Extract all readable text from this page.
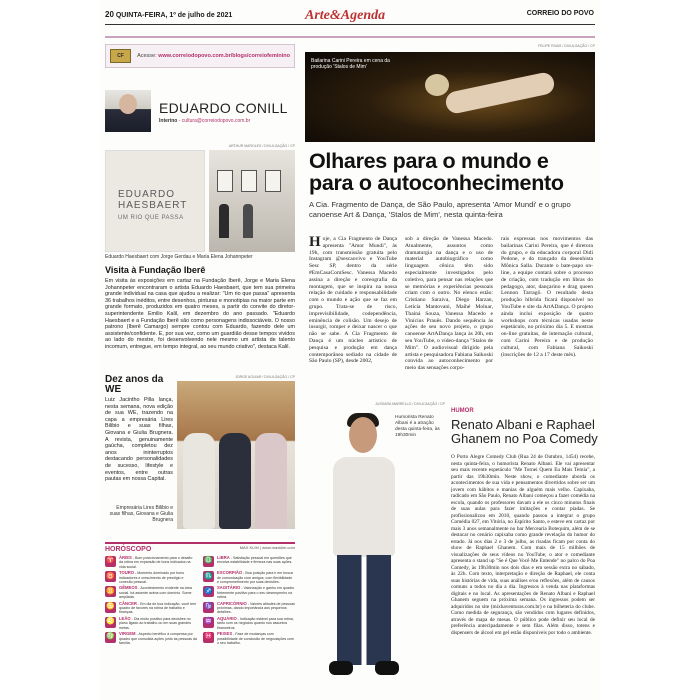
20 QUINTA-FEIRA, 1º de julho de 2021	Arte&Agenda	CORREIO DO POVO
CF	Acesse:
www.correiodopovo.com.br/blogs/correiofeminino
EDUARDO CONILL
Interino - cultura@correiodopovo.com.br
ARTHUR MAROLES / DIVULGAÇÃO / CP
EDUARDO
HAESBAERT
UM RIO QUE PASSA
Eduardo Haesbaert com Jorge Gerdau e Maria Elena Johannpeter
Visita à Fundação Iberê
Em visita às exposições em cartaz na Fundação Iberê, Jorge e Maria Elena Johannpeter encontraram o artista Eduardo Haesbaert, que tem sua primeira grande individual na casa que ajudou a realizar: "Um rio que passa" apresenta 36 trabalhos inéditos, entre desenhos, pinturas e monotipias na maior parte em grande formato, produzidos em quatro meses, a partir do convite do diretor-superintendente Emilio Kalil, em dezembro do ano passado. "Eduardo Haesbaert e a Fundação Iberê são como personagens indissociáveis. O nosso patrono (Iberê Camargo) sempre contou com Eduardo, fazendo dele um assistente/confidente. E, por sua vez, como um guardião desse tempos vividos ao lado do mestre, foi desenvolvendo nele mesmo um artista de talento incomum, entregue, em tempo integral, ao seu mundo criativo", destaca Kalil.
Dez anos da WE
Luiz Jacintho Pilla lança, nesta semana, nova edição de sua WE, trazendo na capa a empresária Lires Bilibio e suas filhas, Giovana e Giulia Brugnera. A revista, genuinamente gaúcha, completou dez anos ininterruptos destacando personalidades de sucesso, lifestyle e eventos, entre outras pautas em nossa Capital.
JORGE AGUIAR / DIVULGAÇÃO / CP
Empresária Lires Bilibio e suas filhas, Giovana e Giulia Brugnera
HORÓSCOPO	MAX KLIM | www.maxklim.com
♈ ÁRIES - Bom posicionamento para o desafio da rotina em expansão de bons indicados na vida social.
♎ LIBRA - Satisfação pessoal em questões que envolva estabilidade e firmeza nas suas ações.
♉ TOURO - Momento dominado por bons indicadores e crescimento de prestígio e conexão pessoal.
♏ ESCORPIÃO - Boa posição para ir em busca de comunicação com amigos, com flexibilidade e comprometimento por suas decisões.
♊ GÊMEOS - Acontecimento evidente na área social. Irá assente acima com domínio. Some ampliada.
♐ SAGITÁRIO - Valorização e ganho em quadro fortemente positivo para o seu desempenho na rotina.
♋ CÂNCER - Em dia de boa indicação, você tem quadro de favores na rotina de trabalho e finanças.
♑ CAPRICÓRNIO - Valores atitudes de pessoas próximas, dando importância aos pequenos detalhes.
♌ LEÃO - Dia muito positivo para decisões no plano ligado ao trabalho ou em suas grandes metas.
♒ AQUÁRIO - Indicação estável para sua rotina, tanto com os negócios quanto nos assuntos financeiros.
♍ VIRGEM - Aspecto benéfico à compensa por quadro que consolida ações junto às pessoas da família.
♓ PEIXES - Fase de mudanças com possibilidade de conclusão de negociações com o seu trabalho.
FELIPE RIVAS / DIVULGAÇÃO / CP
Bailarina Carini Pereira em cena da produção 'Stalos de Mim'
Olhares para o mundo e para o autoconhecimento
A Cia. Fragmento de Dança, de São Paulo, apresenta 'Amor Mundi' e o grupo canoense Art & Dança, 'Stalos de Mim', nesta quinta-feira
Hoje, a Cia Fragmento de Dança apresenta "Amor Mundi", às 19h, com transmissão gratuita pelo Instagram @sescaovivo e YouTube Sesc SP, dentro da série #EmCasaComSesc. Vanessa Macedo assina a direção e coreografia da montagem, que se inspira na nossa relação de cuidado e responsabilidade com o mundo e ação que se faz em grupo. Trata-se de risco, imprevisibilidade, codependência, eminência de colisão. Um desejo de insurgir, romper e deixar nascer o que não se sabe. A Cia Fragmento de Dança é um núcleo artístico de pesquisa e produção em dança contemporânea sediado na cidade de São Paulo (SP), desde 2002,
sob a direção de Vanessa Macedo. Atualmente, assuntos como dramaturgia na dança e o uso de material autobiográfico como linguagem cênica têm sido especialmente investigados pelo coletivo, para pensar nas relações que se memórias e experiências pessoais criam com o outro. No elenco estão: Cristiano Saraiva, Diego Harzan, Letícia Mantovani, Maíhé Molnar, Thainá Souza, Vanessa Macedo e Vinícius Prauês. Dando sequência às ações de seu novo projeto, o grupo canoense ArtADança lança às 20h, em seu YouTube, o vídeo-dança "Stalos de Mim". O audiovisual dirigido pela artista e pesquisadora Fabiana Saikoski convida ao autoconhecimento por meio das sensações corpo-
rais expressas nos movimentos das bailarinas Carini Pereira, que é diretora do grupo, e da educadora corporal Didi Pedone, e do trançado da desenhista Mônica Salla. Durante o bate-papo on-line, a equipe contará sobre o processo de criação, com tradução em libras do pedagogo, ator, dançarino e drag queen Lennon Tarragô. O resultado desta produção híbrida ficará disponível no YouTube e site da ArtADança. O projeto ainda inclui exposição de quatro workshops com técnicas usadas neste espetáculo, no próximo dia 5. E mostras on-line gratuitas, de internação cultural, com Carini Pereira e de produção cultural, com Fabiana Saikoski (inscrições de 12 a 17 deste mês).
JUSSARA MARRELLO / DIVULGAÇÃO / CP
Humorista Renato Albani é a atração desta quinta-feira, às 19h30min
HUMOR
Renato Albani e Raphael Ghanem no Poa Comedy
O Porto Alegre Comedy Club (Rua 24 de Outubro, 1454) recebe, nesta quinta-feira, o humorista Renato Albani. Ele vai apresentar seu mais recente espetáculo "Me Tornei Quem Eu Mais Temia", a partir das 19h30min. Neste show, o comediante aborda os acontecimentos de sua vida e pensamentos divertidos sobre ser um jovem com hábitos e manias de alguém mais velho. Capixaba, radicado em São Paulo, Renato Albani começou a fazer comédia na escola, quando os professores davam a ele os cinco minutos finais de suas aulas para fazer imitações e contar piadas. Se profissionalizou em 2010, quando passou a integrar o grupo Comédia 027, em Vitória, no Espírito Santo, e esteve em cartaz por mais 3 anos semanalmente no bar Mercearia Botequim, além de se destacar no cenário capixaba como grande revelação do humor do estado. Já nos dias 2 e 3 de julho, as risadas ficam por conta do show de Raphael Ghanem. Com mais de 15 milhões de visualizações de seus vídeos no YouTube, o ator e comediante apresenta o stand up "Se é Que Você Me Entende" no palco do Poa Comedy, às 19h30min nos dois dias e em sessão extra no sábado, às 22h. Com texto, interpretação e direção de Raphael, ele conta suas histórias de vida, suas análises e/ou reflexões, além de causos comuns a todos no dia a dia. Ingressos à venda nas plataformas digitais e no local. As apresentações de Renato Albani e Raphael Ghanem seguem na próxima semana. Os ingressos podem ser adquiridos no site (mixhaventuras.com.br) e na bilheteria do clube. Como medida de segurança, são vendidos com lugares definidos, através de mapa de mesas. O público pode definir seu local de preferência antecipadamente e sem filas. Além disso, totens e dispensers de álcool em gel estão disponíveis por todo o ambiente.
